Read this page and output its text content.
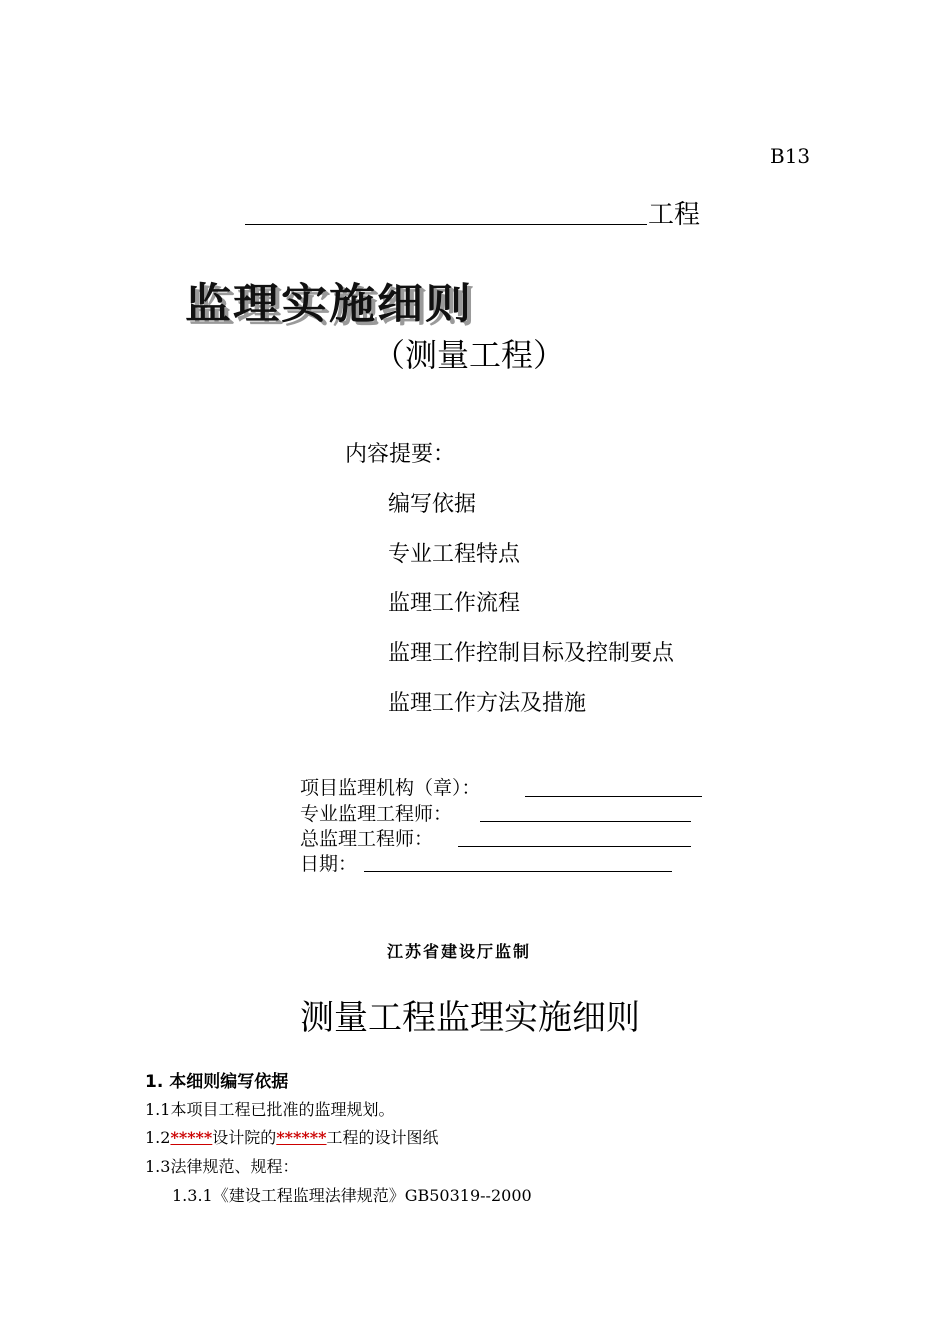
B13
工程
监理实施细则
（测量工程）
内容提要：
编写依据
专业工程特点
监理工作流程
监理工作控制目标及控制要点
监理工作方法及措施
项目监理机构（章）：
专业监理工程师：
总监理工程师：
日期：
江苏省建设厅监制
测量工程监理实施细则
1. 本细则编写依据
1.1本项目工程已批准的监理规划。
1.2*****设计院的******工程的设计图纸
1.3法律规范、规程：
1.3.1《建设工程监理法律规范》GB50319--2000
